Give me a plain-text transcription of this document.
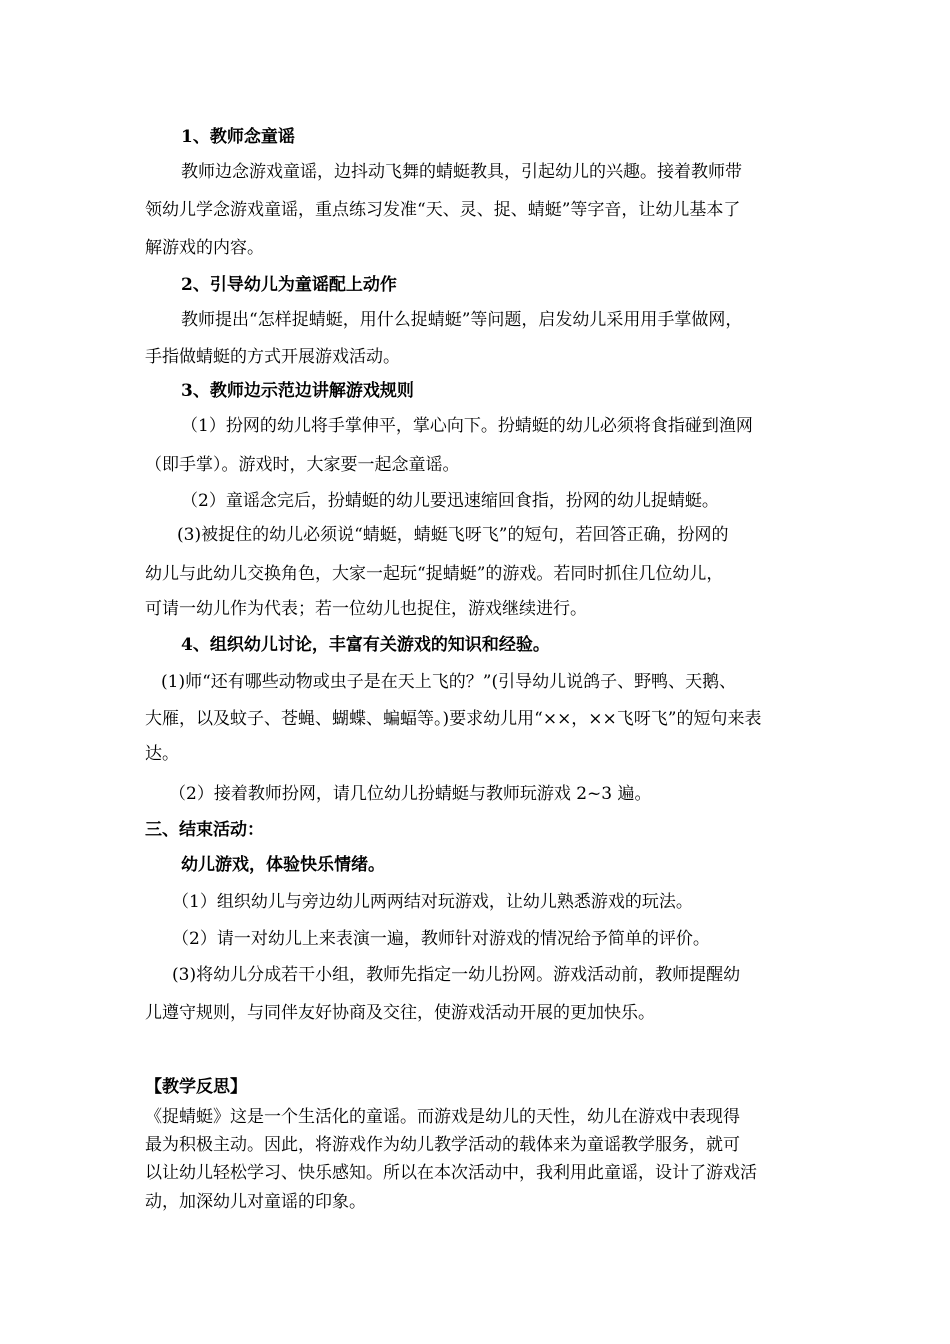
1、教师念童谣

教师边念游戏童谣，边抖动飞舞的蜻蜓教具，引起幼儿的兴趣。接着教师带

领幼儿学念游戏童谣，重点练习发准“天、灵、捉、蜻蜓”等字音，让幼儿基本了

解游戏的内容。

2、引导幼儿为童谣配上动作

教师提出“怎样捉蜻蜓，用什么捉蜻蜓”等问题，启发幼儿采用用手掌做网，

手指做蜻蜓的方式开展游戏活动。

3、教师边示范边讲解游戏规则

（1）扮网的幼儿将手掌伸平，掌心向下。扮蜻蜓的幼儿必须将食指碰到渔网

（即手掌）。游戏时，大家要一起念童谣。

（2）童谣念完后，扮蜻蜓的幼儿要迅速缩回食指，扮网的幼儿捉蜻蜓。

(3)被捉住的幼儿必须说“蜻蜓，蜻蜓飞呀飞”的短句，若回答正确，扮网的

幼儿与此幼儿交换角色，大家一起玩“捉蜻蜓”的游戏。若同时抓住几位幼儿，

可请一幼儿作为代表；若一位幼儿也捉住，游戏继续进行。

4、组织幼儿讨论，丰富有关游戏的知识和经验。

(1)师“还有哪些动物或虫子是在天上飞的？”(引导幼儿说鸽子、野鸭、天鹅、

大雁，以及蚊子、苍蝇、蝴蝶、蝙蝠等。)要求幼儿用“××，××飞呀飞”的短句来表

达。

（2）接着教师扮网，请几位幼儿扮蜻蜓与教师玩游戏 2~3 遍。

三、结束活动：

幼儿游戏，体验快乐情绪。

（1）组织幼儿与旁边幼儿两两结对玩游戏，让幼儿熟悉游戏的玩法。

（2）请一对幼儿上来表演一遍，教师针对游戏的情况给予简单的评价。

(3)将幼儿分成若干小组，教师先指定一幼儿扮网。游戏活动前，教师提醒幼

儿遵守规则，与同伴友好协商及交往，使游戏活动开展的更加快乐。

【教学反思】

《捉蜻蜓》这是一个生活化的童谣。而游戏是幼儿的天性，幼儿在游戏中表现得

最为积极主动。因此，将游戏作为幼儿教学活动的载体来为童谣教学服务，就可

以让幼儿轻松学习、快乐感知。所以在本次活动中，我利用此童谣，设计了游戏活

动，加深幼儿对童谣的印象。
